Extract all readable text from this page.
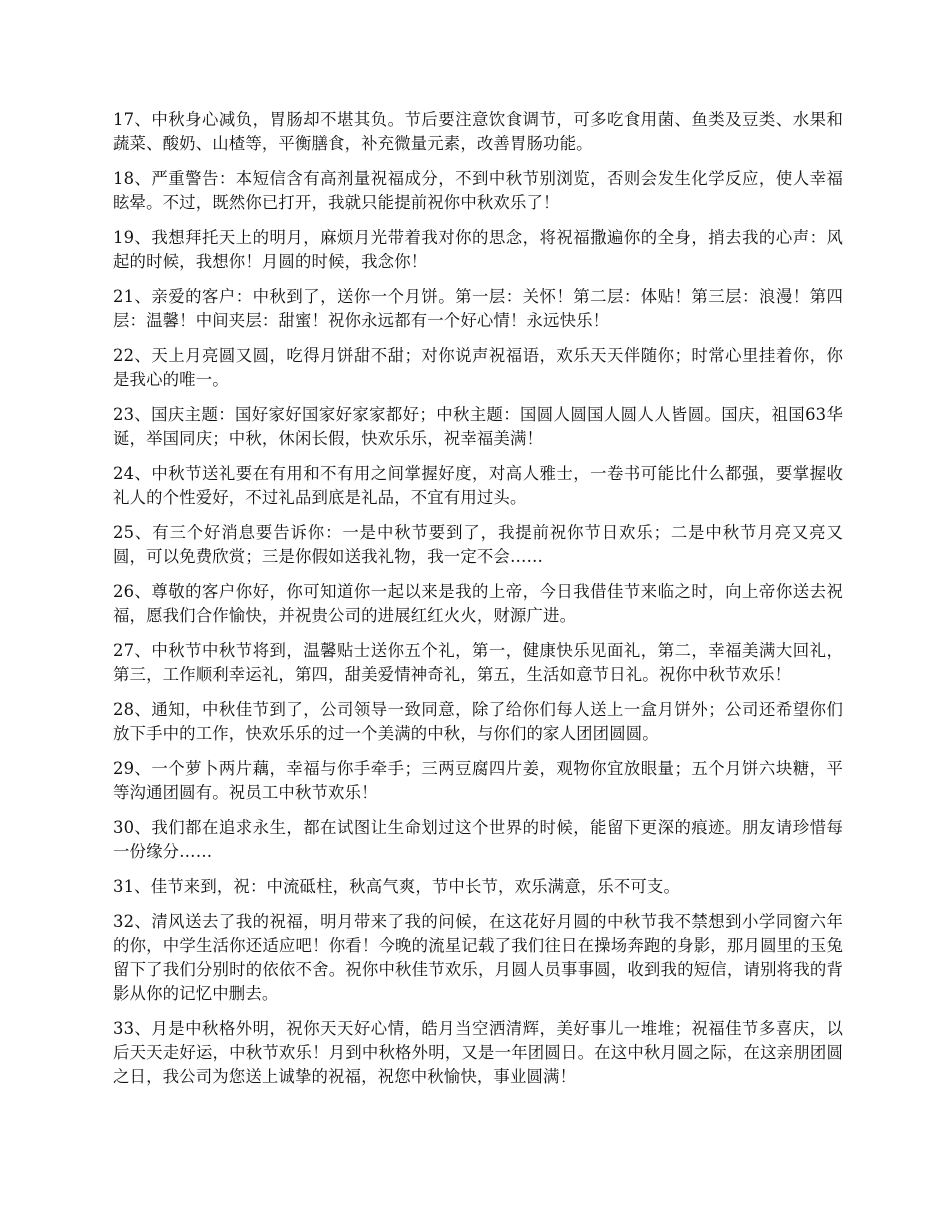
17、中秋身心减负，胃肠却不堪其负。节后要注意饮食调节，可多吃食用菌、鱼类及豆类、水果和蔬菜、酸奶、山楂等，平衡膳食，补充微量元素，改善胃肠功能。

18、严重警告：本短信含有高剂量祝福成分，不到中秋节别浏览，否则会发生化学反应，使人幸福眩晕。不过，既然你已打开，我就只能提前祝你中秋欢乐了！

19、我想拜托天上的明月，麻烦月光带着我对你的思念，将祝福撒遍你的全身，捎去我的心声：风起的时候，我想你！月圆的时候，我念你！

21、亲爱的客户：中秋到了，送你一个月饼。第一层：关怀！第二层：体贴！第三层：浪漫！第四层：温馨！中间夹层：甜蜜！祝你永远都有一个好心情！永远快乐！

22、天上月亮圆又圆，吃得月饼甜不甜；对你说声祝福语，欢乐天天伴随你；时常心里挂着你，你是我心的唯一。

23、国庆主题：国好家好国家好家家都好；中秋主题：国圆人圆国人圆人人皆圆。国庆，祖国63华诞，举国同庆；中秋，休闲长假，快欢乐乐，祝幸福美满！

24、中秋节送礼要在有用和不有用之间掌握好度，对高人雅士，一卷书可能比什么都强，要掌握收礼人的个性爱好，不过礼品到底是礼品，不宜有用过头。

25、有三个好消息要告诉你：一是中秋节要到了，我提前祝你节日欢乐；二是中秋节月亮又亮又圆，可以免费欣赏；三是你假如送我礼物，我一定不会……

26、尊敬的客户你好，你可知道你一起以来是我的上帝，今日我借佳节来临之时，向上帝你送去祝福，愿我们合作愉快，并祝贵公司的进展红红火火，财源广进。

27、中秋节中秋节将到，温馨贴士送你五个礼，第一，健康快乐见面礼，第二，幸福美满大回礼，第三，工作顺利幸运礼，第四，甜美爱情神奇礼，第五，生活如意节日礼。祝你中秋节欢乐！

28、通知，中秋佳节到了，公司领导一致同意，除了给你们每人送上一盒月饼外；公司还希望你们放下手中的工作，快欢乐乐的过一个美满的中秋，与你们的家人团团圆圆。

29、一个萝卜两片藕，幸福与你手牵手；三两豆腐四片姜，观物你宜放眼量；五个月饼六块糖，平等沟通团圆有。祝员工中秋节欢乐！

30、我们都在追求永生，都在试图让生命划过这个世界的时候，能留下更深的痕迹。朋友请珍惜每一份缘分……

31、佳节来到，祝：中流砥柱，秋高气爽，节中长节，欢乐满意，乐不可支。

32、清风送去了我的祝福，明月带来了我的问候，在这花好月圆的中秋节我不禁想到小学同窗六年的你，中学生活你还适应吧！你看！今晚的流星记载了我们往日在操场奔跑的身影，那月圆里的玉兔留下了我们分别时的依依不舍。祝你中秋佳节欢乐，月圆人员事事圆，收到我的短信，请别将我的背影从你的记忆中删去。

33、月是中秋格外明，祝你天天好心情，皓月当空洒清辉，美好事儿一堆堆；祝福佳节多喜庆，以后天天走好运，中秋节欢乐！月到中秋格外明，又是一年团圆日。在这中秋月圆之际，在这亲朋团圆之日，我公司为您送上诚挚的祝福，祝您中秋愉快，事业圆满！
